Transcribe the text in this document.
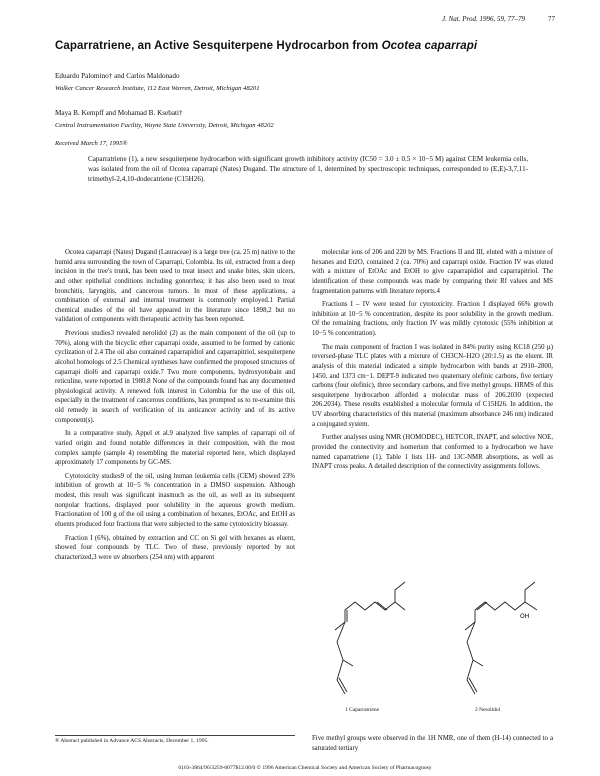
J. Nat. Prod. 1996, 59, 77–79	77
Caparratriene, an Active Sesquiterpene Hydrocarbon from Ocotea caparrapi
Eduardo Palomino† and Carlos Maldonado
Walker Cancer Research Institute, 112 East Warren, Detroit, Michigan 48201
Maya B. Kempff and Mohamad B. Ksebati†
Central Instrumentation Facility, Wayne State University, Detroit, Michigan 48202
Received March 17, 1995®
Caparratriene (1), a new sesquiterpene hydrocarbon with significant growth inhibitory activity (IC50 = 3.0 ± 0.5 × 10−5 M) against CEM leukemia cells, was isolated from the oil of Ocotea caparrapi (Nates) Dugand. The structure of 1, determined by spectroscopic techniques, corresponded to (E,E)-3,7,11-trimethyl-2,4,10-dodecatriene (C15H26).

Ocotea caparrapi (Nates) Dugand (Lauraceae) is a large tree (ca. 25 m) native to the humid area surrounding the town of Caparrapi, Colombia. Its oil, extracted from a deep incision in the tree's trunk, has been used to treat insect and snake bites, skin ulcers, and other epithelial conditions including gonorrhea; it has also been used to treat bronchitis, laryngitis, and cancerous tumors. In most of these applications, a combination of external and internal treatment is commonly employed.1 Partial chemical studies of the oil have appeared in the literature since 1898,2 but no validation of components with therapeutic activity has been reported.

Previous studies3 revealed nerolidol (2) as the main component of the oil (up to 70%), along with the bicyclic ether caparrapi oxide, assumed to be formed by cationic cyclization of 2.4 The oil also contained caparrapidiol and caparrapitriol, sesquiterpene alcohol homologs of 2.5 Chemical syntheses have confirmed the proposed structures of caparrapi diol6 and caparrapi oxide.7 Two more components, hydroxyotobain and reticuline, were reported in 1980.8 None of the compounds found has any documented physiological activity. A renewed folk interest in Colombia for the use of this oil, especially in the treatment of cancerous conditions, has prompted us to re-examine this old remedy in search of verification of its anticancer activity and of its active component(s).

In a comparative study, Appel et al.9 analyzed five samples of caparrapi oil of varied origin and found notable differences in their composition, with the most complex sample (sample 4) resembling the material reported here, which displayed approximately 17 components by GC-MS.

Cytotoxicity studies9 of the oil, using human leukemia cells (CEM) showed 23% inhibition of growth at 10−5 % concentration in a DMSO suspension. Although modest, this result was significant inasmuch as the oil, as well as its subsequent nonpolar fractions, displayed poor solubility in the aqueous growth medium. Fractionation of 100 g of the oil using a combination of hexanes, EtOAc, and EtOH as eluents produced four fractions that were subjected to the same cytotoxicity bioassay.

Fraction I (6%), obtained by extraction and CC on Si gel with hexanes as eluent, showed four compounds by TLC. Two of these, previously reported by not characterized,3 were uv absorbers (254 nm) with apparent

® Abstract published in Advance ACS Abstracts, December 1, 1995.

molecular ions of 206 and 220 by MS. Fractions II and III, eluted with a mixture of hexanes and Et2O, contained 2 (ca. 70%) and caparrapi oxide. Fraction IV was eluted with a mixture of EtOAc and EtOH to give caparrapidiol and caparrapitriol. The identification of these compounds was made by comparing their Rf values and MS fragmentation patterns with literature reports.4

Fractions I – IV were tested for cytotoxicity. Fraction I displayed 66% growth inhibition at 10−5 % concentration, despite its poor solubility in the growth medium. Of the remaining fractions, only fraction IV was mildly cytotoxic (55% inhibition at 10−5 % concentration).

The main component of fraction I was isolated in 84% purity using KC18 (250 µ) reversed-phase TLC plates with a mixture of CH3CN–H2O (20:1.5) as the eluent. IR analysis of this material indicated a simple hydrocarbon with bands at 2910–2800, 1450, and 1373 cm−1. DEPT-9 indicated two quaternary olefinic carbons, five tertiary carbons (four olefinic), three secondary carbons, and five methyl groups. HRMS of this sesquiterpene hydrocarbon afforded a molecular mass of 206.2030 (expected 206.2034). These results established a molecular formula of C15H26. In addition, the UV absorbing characteristics of this material (maximum absorbance 246 nm) indicated a conjugated system.

Further analyses using NMR (HOMODEC), HETCOR, INAPT, and selective NOE, provided the connectivity and isomerism that conformed to a hydrocarbon we have named caparratriene (1). Table 1 lists 1H- and 13C-NMR absorptions, as well as INAPT cross peaks. A detailed description of the connectivity assignments follows.

OH
1 Caparratriene	2 Nerolidol
Five methyl groups were observed in the 1H NMR, one of them (H-14) connected to a saturated tertiary
0163-3864/96/3259-0077$12.00/0 © 1996 American Chemical Society and American Society of Pharmacognosy
